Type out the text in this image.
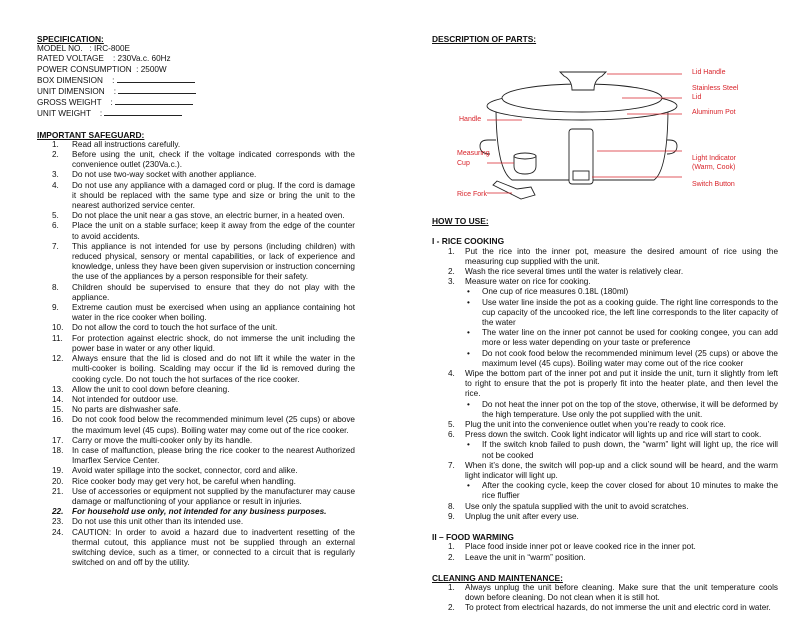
SPECIFICATION:
MODEL NO.   : IRC-800E
RATED VOLTAGE    : 230Va.c. 60Hz
POWER CONSUMPTION  : 2500W
BOX DIMENSION    :
UNIT DIMENSION    :
GROSS WEIGHT    :
UNIT WEIGHT    :
IMPORTANT SAFEGUARD:
1.	Read all instructions carefully.
2.	Before using the unit, check if the voltage indicated corresponds with the convenience outlet (230Va.c.).
3.	Do not use two-way socket with another appliance.
4.	Do not use any appliance with a damaged cord or plug. If the cord is damage it should be replaced with the same type and size or bring the unit to the nearest authorized service center.
5.	Do not place the unit near a gas stove, an electric burner, in a heated oven.
6.	Place the unit on a stable surface; keep it away from the edge of the counter to avoid accidents.
7.	This appliance is not intended for use by persons (including children) with reduced physical, sensory or mental capabilities, or lack of experience and knowledge, unless they have been given supervision or instruction concerning the use of the appliances by a person responsible for their safety.
8.	Children should be supervised to ensure that they do not play with the appliance.
9.	Extreme caution must be exercised when using an appliance containing hot water in the rice cooker when boiling.
10.	Do not allow the cord to touch the hot surface of the unit.
11.	For protection against electric shock, do not immerse the unit including the power base in water or any other liquid.
12.	Always ensure that the lid is closed and do not lift it while the water in the multi-cooker is boiling. Scalding may occur if the lid is removed during the cooking cycle. Do not touch the hot surfaces of the rice cooker.
13.	Allow the unit to cool down before cleaning.
14.	Not intended for outdoor use.
15.	No parts are dishwasher safe.
16.	Do not cook food below the recommended minimum level (25 cups) or above the maximum level (45 cups). Boiling water may come out of the rice cooker.
17.	Carry or move the multi-cooker only by its handle.
18.	In case of malfunction, please bring the rice cooker to the nearest Authorized Imarflex Service Center.
19.	Avoid water spillage into the socket, connector, cord and alike.
20.	Rice cooker body may get very hot, be careful when handling.
21.	Use of accessories or equipment not supplied by the manufacturer may cause damage or malfunctioning of your appliance or result in injuries.
22.	For household use only, not intended for any business purposes.
23.	Do not use this unit other than its intended use.
24.	CAUTION: In order to avoid a hazard due to inadvertent resetting of the thermal cutout, this appliance must not be supplied through an external switching device, such as a timer, or connected to a circuit that is regularly switched on and off by the utility.
DESCRIPTION OF PARTS:
Lid Handle
Stainless Steel
Lid
Aluminum Pot
Handle
Measuring
Cup
Light Indicator
(Warm, Cook)
Switch Button
Rice Fork
HOW TO USE:
I - RICE COOKING
1.	Put the rice into the inner pot, measure the desired amount of rice using the measuring cup supplied with the unit.
2.	Wash the rice several times until the water is relatively clear.
3.	Measure water on rice for cooking.
•	One cup of rice measures 0.18L (180ml)
•	Use water line inside the pot as a cooking guide. The right line corresponds to the cup capacity of the uncooked rice, the left line corresponds to the liter capacity of the water
•	The water line on the inner pot cannot be used for cooking congee, you can add more or less water depending on your taste or preference
•	Do not cook food below the recommended minimum level (25 cups) or above the maximum level (45 cups). Boiling water may come out of the rice cooker
4.	Wipe the bottom part of the inner pot and put it inside the unit, turn it slightly from left to right to ensure that the pot is properly fit into the heater plate, and then level the rice.
•	Do not heat the inner pot on the top of the stove, otherwise, it will be deformed by the high temperature. Use only the pot supplied with the unit.
5.	Plug the unit into the convenience outlet when you’re ready to cook rice.
6.	Press down the switch. Cook light indicator will lights up and rice will start to cook.
•	If the switch knob failed to push down, the “warm” light will light up, the rice will not be cooked
7.	When it’s done, the switch will pop-up and a click sound will be heard, and the warm light indicator will light up.
•	After the cooking cycle, keep the cover closed for about 10 minutes to make the rice fluffier
8.	Use only the spatula supplied with the unit to avoid scratches.
9.	Unplug the unit after every use.
II – FOOD WARMING
1.	Place food inside inner pot or leave cooked rice in the inner pot.
2.	Leave the unit in “warm” position.
CLEANING AND MAINTENANCE:
1.	Always unplug the unit before cleaning. Make sure that the unit temperature cools down before cleaning. Do not clean when it is still hot.
2.	To protect from electrical hazards, do not immerse the unit and electric cord in water.
